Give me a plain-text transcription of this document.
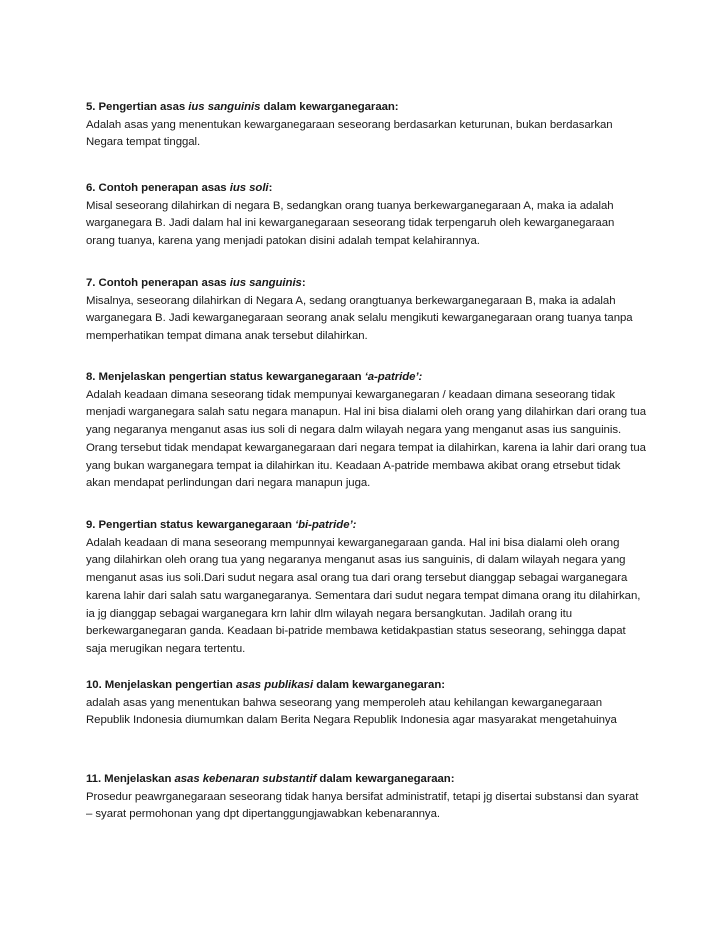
5. Pengertian asas ius sanguinis dalam kewarganegaraan:

Adalah asas yang menentukan kewarganegaraan seseorang berdasarkan keturunan, bukan berdasarkan Negara tempat tinggal.

6. Contoh penerapan asas ius soli:

Misal seseorang dilahirkan di negara B, sedangkan orang tuanya berkewarganegaraan A, maka ia adalah warganegara B. Jadi dalam hal ini kewarganegaraan seseorang tidak terpengaruh oleh kewarganegaraan orang tuanya, karena yang menjadi patokan disini adalah tempat kelahirannya.

7. Contoh penerapan asas ius sanguinis:

Misalnya, seseorang dilahirkan di Negara A, sedang orangtuanya berkewarganegaraan B, maka ia adalah warganegara B. Jadi kewarganegaraan seorang anak selalu mengikuti kewarganegaraan orang tuanya tanpa memperhatikan tempat dimana anak tersebut dilahirkan.

8. Menjelaskan pengertian status kewarganegaraan ‘a-patride’:

Adalah keadaan dimana seseorang tidak mempunyai kewarganegaran / keadaan dimana seseorang tidak menjadi warganegara salah satu negara manapun. Hal ini bisa dialami oleh orang yang dilahirkan dari orang tua yang negaranya menganut asas ius soli di negara dalm wilayah negara yang menganut asas ius sanguinis. Orang tersebut tidak mendapat kewarganegaraan dari negara tempat ia dilahirkan, karena ia lahir dari orang tua yang bukan warganegara tempat ia dilahirkan itu. Keadaan A-patride membawa akibat orang etrsebut tidak akan mendapat perlindungan dari negara manapun juga.

9. Pengertian status kewarganegaraan ‘bi-patride’:

Adalah keadaan di mana seseorang mempunnyai kewarganegaraan ganda. Hal ini bisa dialami oleh orang yang dilahirkan oleh orang tua yang negaranya menganut asas ius sanguinis, di dalam wilayah negara yang menganut asas ius soli.Dari sudut negara asal orang tua dari orang tersebut dianggap sebagai warganegara karena lahir dari salah satu warganegaranya. Sementara dari sudut negara tempat dimana orang itu dilahirkan, ia jg dianggap sebagai warganegara krn lahir dlm wilayah negara bersangkutan. Jadilah orang itu berkewarganegaran ganda. Keadaan bi-patride membawa ketidakpastian status seseorang, sehingga dapat saja merugikan negara tertentu.

10. Menjelaskan pengertian asas publikasi dalam kewarganegaran:

adalah asas yang menentukan bahwa seseorang yang memperoleh atau kehilangan kewarganegaraan Republik Indonesia diumumkan dalam Berita Negara Republik Indonesia agar masyarakat mengetahuinya

11. Menjelaskan asas kebenaran substantif dalam kewarganegaraan:

Prosedur peawrganegaraan seseorang tidak hanya bersifat administratif, tetapi jg disertai substansi dan syarat – syarat permohonan yang dpt dipertanggungjawabkan kebenarannya.
